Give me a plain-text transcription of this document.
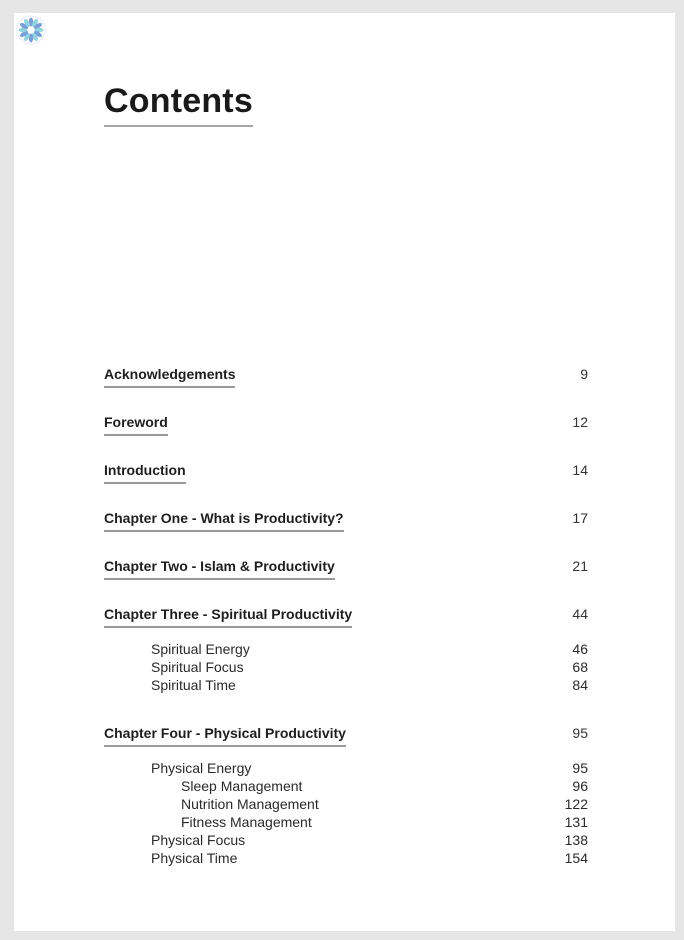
Contents
Acknowledgements	9
Foreword	12
Introduction	14
Chapter One - What is Productivity?	17
Chapter Two - Islam & Productivity	21
Chapter Three - Spiritual Productivity	44
Spiritual Energy	46
Spiritual Focus	68
Spiritual Time	84
Chapter Four - Physical Productivity	95
Physical Energy	95
Sleep Management	96
Nutrition Management	122
Fitness Management	131
Physical Focus	138
Physical Time	154
